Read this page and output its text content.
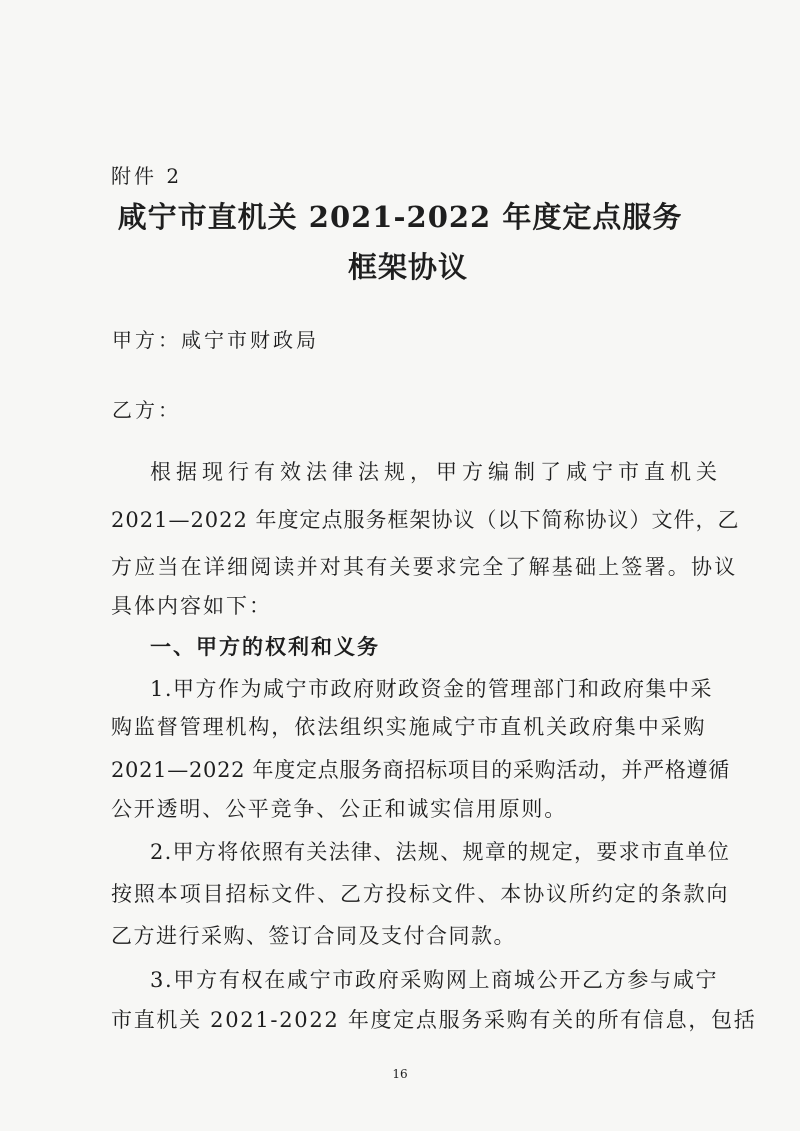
附件 2
咸宁市直机关 2021-2022 年度定点服务
框架协议
甲方：咸宁市财政局
乙方：
根据现行有效法律法规，甲方编制了咸宁市直机关
2021—2022 年度定点服务框架协议（以下简称协议）文件，乙
方应当在详细阅读并对其有关要求完全了解基础上签署。协议
具体内容如下：
一、甲方的权利和义务
1.甲方作为咸宁市政府财政资金的管理部门和政府集中采
购监督管理机构，依法组织实施咸宁市直机关政府集中采购
2021—2022 年度定点服务商招标项目的采购活动，并严格遵循
公开透明、公平竞争、公正和诚实信用原则。
2.甲方将依照有关法律、法规、规章的规定，要求市直单位
按照本项目招标文件、乙方投标文件、本协议所约定的条款向
乙方进行采购、签订合同及支付合同款。
3.甲方有权在咸宁市政府采购网上商城公开乙方参与咸宁
市直机关 2021-2022 年度定点服务采购有关的所有信息，包括
16
